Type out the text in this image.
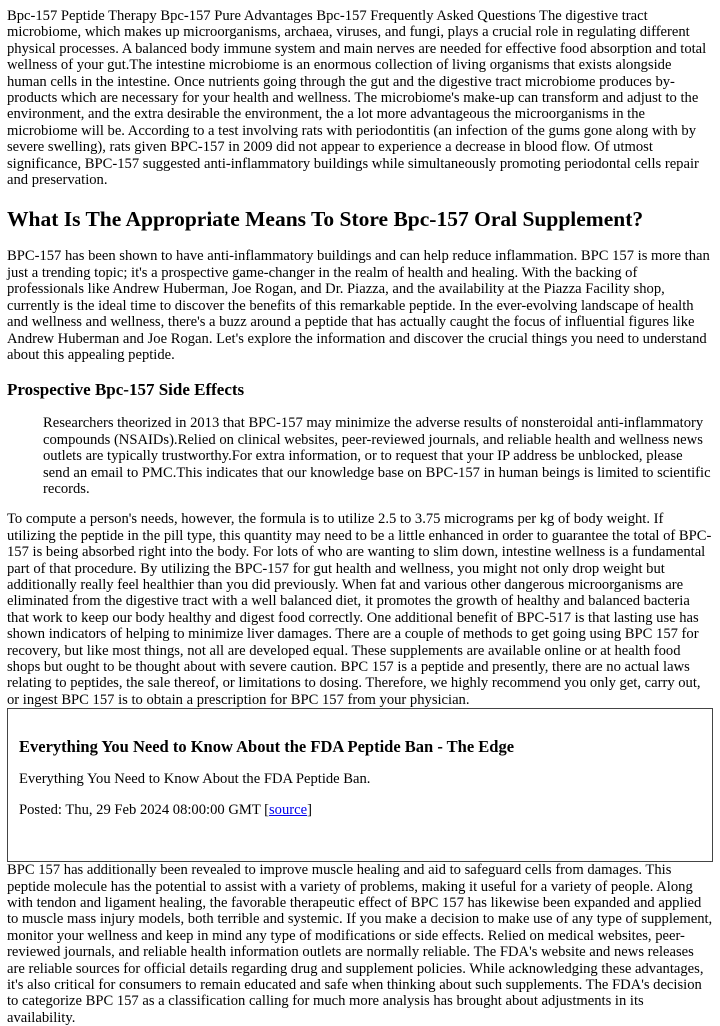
Bpc-157 Peptide Therapy Bpc-157 Pure Advantages Bpc-157 Frequently Asked Questions The digestive tract microbiome, which makes up microorganisms, archaea, viruses, and fungi, plays a crucial role in regulating different physical processes. A balanced body immune system and main nerves are needed for effective food absorption and total wellness of your gut.The intestine microbiome is an enormous collection of living organisms that exists alongside human cells in the intestine. Once nutrients going through the gut and the digestive tract microbiome produces by-products which are necessary for your health and wellness. The microbiome's make-up can transform and adjust to the environment, and the extra desirable the environment, the a lot more advantageous the microorganisms in the microbiome will be. According to a test involving rats with periodontitis (an infection of the gums gone along with by severe swelling), rats given BPC-157 in 2009 did not appear to experience a decrease in blood flow. Of utmost significance, BPC-157 suggested anti-inflammatory buildings while simultaneously promoting periodontal cells repair and preservation.

What Is The Appropriate Means To Store Bpc-157 Oral Supplement?

BPC-157 has been shown to have anti-inflammatory buildings and can help reduce inflammation. BPC 157 is more than just a trending topic; it's a prospective game-changer in the realm of health and healing. With the backing of professionals like Andrew Huberman, Joe Rogan, and Dr. Piazza, and the availability at the Piazza Facility shop, currently is the ideal time to discover the benefits of this remarkable peptide. In the ever-evolving landscape of health and wellness and wellness, there's a buzz around a peptide that has actually caught the focus of influential figures like Andrew Huberman and Joe Rogan. Let's explore the information and discover the crucial things you need to understand about this appealing peptide.

Prospective Bpc-157 Side Effects

Researchers theorized in 2013 that BPC-157 may minimize the adverse results of nonsteroidal anti-inflammatory compounds (NSAIDs).Relied on clinical websites, peer-reviewed journals, and reliable health and wellness news outlets are typically trustworthy.For extra information, or to request that your IP address be unblocked, please send an email to PMC.This indicates that our knowledge base on BPC-157 in human beings is limited to scientific records.

To compute a person's needs, however, the formula is to utilize 2.5 to 3.75 micrograms per kg of body weight. If utilizing the peptide in the pill type, this quantity may need to be a little enhanced in order to guarantee the total of BPC-157 is being absorbed right into the body. For lots of who are wanting to slim down, intestine wellness is a fundamental part of that procedure. By utilizing the BPC-157 for gut health and wellness, you might not only drop weight but additionally really feel healthier than you did previously. When fat and various other dangerous microorganisms are eliminated from the digestive tract with a well balanced diet, it promotes the growth of healthy and balanced bacteria that work to keep our body healthy and digest food correctly. One additional benefit of BPC-517 is that lasting use has shown indicators of helping to minimize liver damages. There are a couple of methods to get going using BPC 157 for recovery, but like most things, not all are developed equal. These supplements are available online or at health food shops but ought to be thought about with severe caution. BPC 157 is a peptide and presently, there are no actual laws relating to peptides, the sale thereof, or limitations to dosing. Therefore, we highly recommend you only get, carry out, or ingest BPC 157 is to obtain a prescription for BPC 157 from your physician.

Everything You Need to Know About the FDA Peptide Ban - The Edge

Everything You Need to Know About the FDA Peptide Ban.

Posted: Thu, 29 Feb 2024 08:00:00 GMT [source]

BPC 157 has additionally been revealed to improve muscle healing and aid to safeguard cells from damages. This peptide molecule has the potential to assist with a variety of problems, making it useful for a variety of people. Along with tendon and ligament healing, the favorable therapeutic effect of BPC 157 has likewise been expanded and applied to muscle mass injury models, both terrible and systemic. If you make a decision to make use of any type of supplement, monitor your wellness and keep in mind any type of modifications or side effects. Relied on medical websites, peer-reviewed journals, and reliable health information outlets are normally reliable. The FDA's website and news releases are reliable sources for official details regarding drug and supplement policies. While acknowledging these advantages, it's also critical for consumers to remain educated and safe when thinking about such supplements. The FDA's decision to categorize BPC 157 as a classification calling for much more analysis has brought about adjustments in its availability.
